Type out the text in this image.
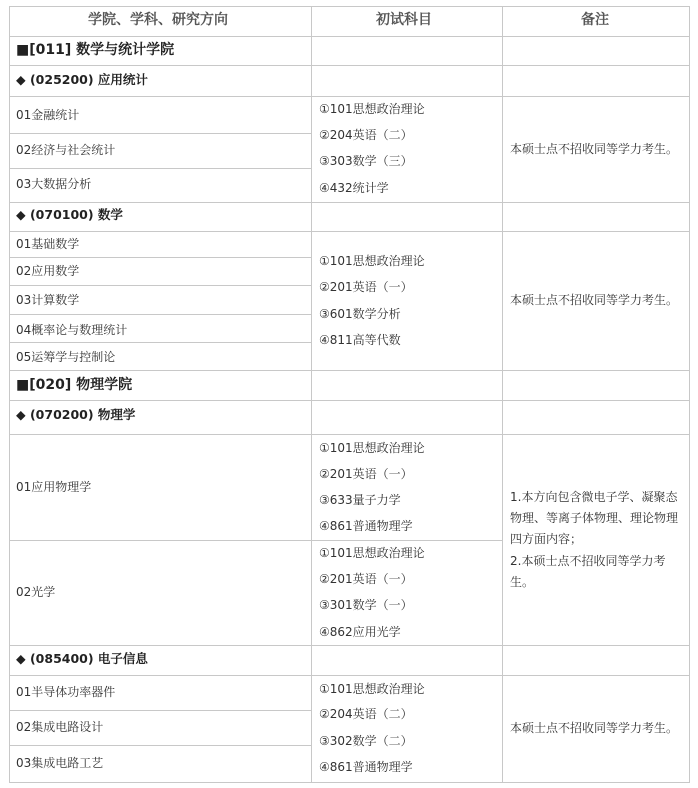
学院、学科、研究方向	初试科目	备注
■[011] 数学与统计学院
◆ (025200) 应用统计
01金融统计
02经济与社会统计
03大数据分析
①101思想政治理论
②204英语（二）
③303数学（三）
④432统计学
本硕士点不招收同等学力考生。
◆ (070100) 数学
01基础数学
02应用数学
03计算数学
04概率论与数理统计
05运筹学与控制论
①101思想政治理论
②201英语（一）
③601数学分析
④811高等代数
本硕士点不招收同等学力考生。
■[020] 物理学院
◆ (070200) 物理学
01应用物理学
02光学
①101思想政治理论
②201英语（一）
③633量子力学
④861普通物理学
①101思想政治理论
②201英语（一）
③301数学（一）
④862应用光学
1.本方向包含微电子学、凝聚态物理、等离子体物理、理论物理四方面内容；
2.本硕士点不招收同等学力考生。
◆ (085400) 电子信息
01半导体功率器件
02集成电路设计
03集成电路工艺
①101思想政治理论
②204英语（二）
③302数学（二）
④861普通物理学
本硕士点不招收同等学力考生。
